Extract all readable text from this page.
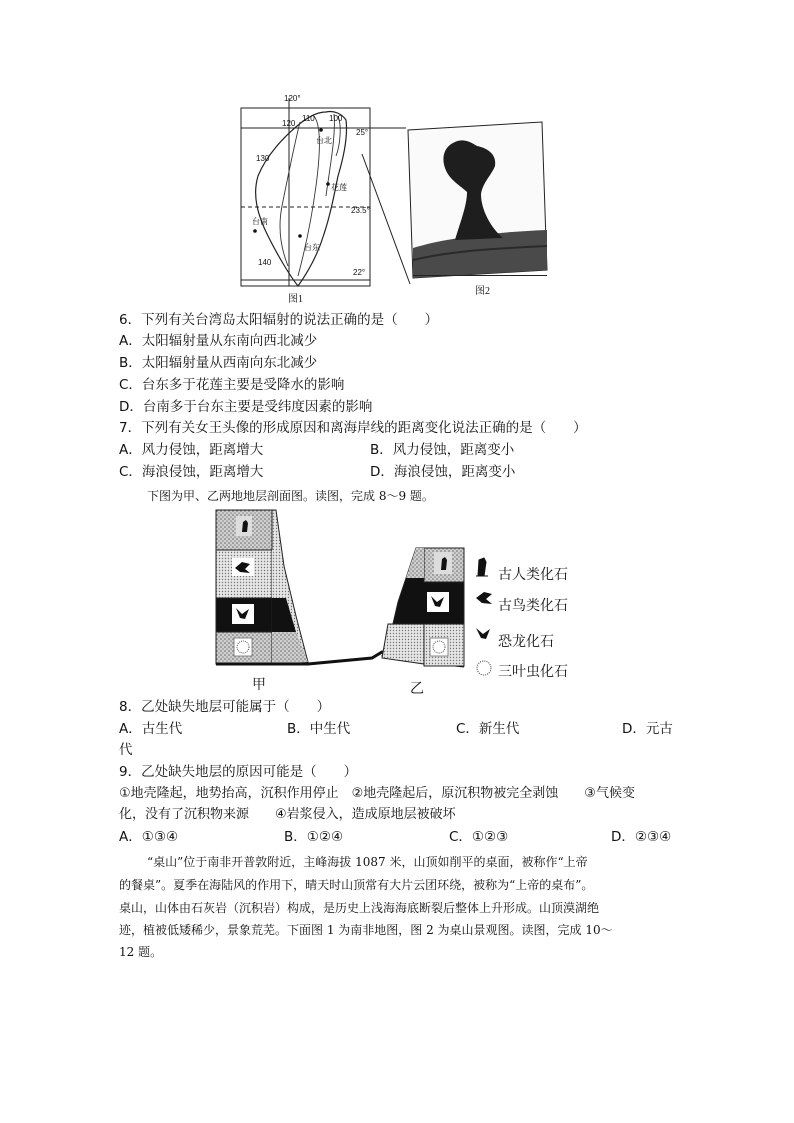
120°
25°
23.5°
22°
120
110 100
130
140
台北
花莲
台南
台东
图1
图2
6．下列有关台湾岛太阳辐射的说法正确的是（　　）
A．太阳辐射量从东南向西北减少
B．太阳辐射量从西南向东北减少
C．台东多于花莲主要是受降水的影响
D．台南多于台东主要是受纬度因素的影响
7．下列有关女王头像的形成原因和离海岸线的距离变化说法正确的是（　　）
A．风力侵蚀，距离增大	B．风力侵蚀，距离变小
C．海浪侵蚀，距离增大	D．海浪侵蚀，距离变小
下图为甲、乙两地地层剖面图。读图，完成 8～9 题。
甲	乙
古人类化石
古鸟类化石
恐龙化石
三叶虫化石
8．乙处缺失地层可能属于（　　）
A．古生代	B．中生代	C．新生代	D．元古
代
9．乙处缺失地层的原因可能是（　　）
①地壳隆起，地势抬高，沉积作用停止　②地壳隆起后，原沉积物被完全剥蚀　　③气候变
化，没有了沉积物来源　　④岩浆侵入，造成原地层被破坏
A．①③④	B．①②④	C．①②③	D．②③④
“桌山”位于南非开普敦附近，主峰海拔 1087 米，山顶如削平的桌面，被称作“上帝
的餐桌”。夏季在海陆风的作用下，晴天时山顶常有大片云团环绕，被称为“上帝的桌布”。
桌山，山体由石灰岩（沉积岩）构成，是历史上浅海海底断裂后整体上升形成。山顶漠湖绝
迹，植被低矮稀少，景象荒芜。下面图 1 为南非地图，图 2 为桌山景观图。读图，完成 10～
12 题。
